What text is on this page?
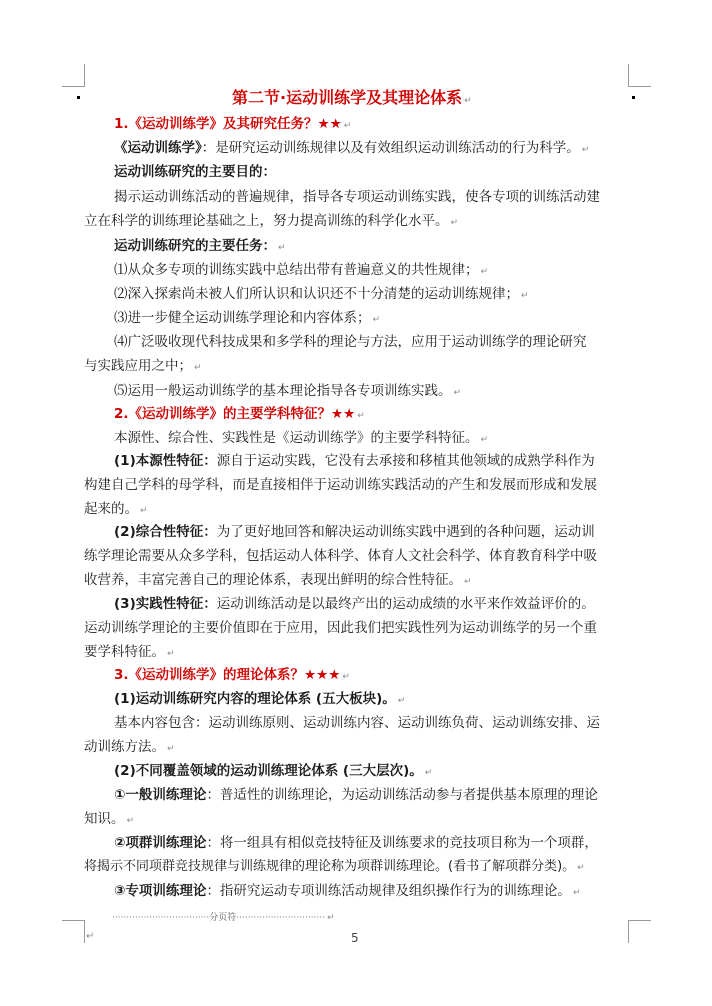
第二节·运动训练学及其理论体系 ↵
1.《运动训练学》及其研究任务？★★ ↵
《运动训练学》：是研究运动训练规律以及有效组织运动训练活动的行为科学。 ↵
运动训练研究的主要目的：
揭示运动训练活动的普遍规律，指导各专项运动训练实践，使各专项的训练活动建
立在科学的训练理论基础之上，努力提高训练的科学化水平。 ↵
运动训练研究的主要任务： ↵
⑴从众多专项的训练实践中总结出带有普遍意义的共性规律； ↵
⑵深入探索尚未被人们所认识和认识还不十分清楚的运动训练规律； ↵
⑶进一步健全运动训练学理论和内容体系； ↵
⑷广泛吸收现代科技成果和多学科的理论与方法，应用于运动训练学的理论研究
与实践应用之中； ↵
⑸运用一般运动训练学的基本理论指导各专项训练实践。 ↵
2.《运动训练学》的主要学科特征？★★ ↵
本源性、综合性、实践性是《运动训练学》的主要学科特征。 ↵
(1)本源性特征：源自于运动实践，它没有去承接和移植其他领域的成熟学科作为
构建自己学科的母学科，而是直接相伴于运动训练实践活动的产生和发展而形成和发展
起来的。 ↵
(2)综合性特征：为了更好地回答和解决运动训练实践中遇到的各种问题，运动训
练学理论需要从众多学科，包括运动人体科学、体育人文社会科学、体育教育科学中吸
收营养，丰富完善自己的理论体系，表现出鲜明的综合性特征。 ↵
(3)实践性特征：运动训练活动是以最终产出的运动成绩的水平来作效益评价的。
运动训练学理论的主要价值即在于应用，因此我们把实践性列为运动训练学的另一个重
要学科特征。 ↵
3.《运动训练学》的理论体系？★★★ ↵
(1)运动训练研究内容的理论体系 (五大板块)。 ↵
基本内容包含：运动训练原则、运动训练内容、运动训练负荷、运动训练安排、运
动训练方法。 ↵
(2)不同覆盖领域的运动训练理论体系 (三大层次)。 ↵
①一般训练理论：普适性的训练理论，为运动训练活动参与者提供基本原理的理论
知识。 ↵
②项群训练理论：将一组具有相似竞技特征及训练要求的竞技项目称为一个项群，
将揭示不同项群竞技规律与训练规律的理论称为项群训练理论。(看书了解项群分类)。 ↵
③专项训练理论：指研究运动专项训练活动规律及组织操作行为的训练理论。 ↵
··································分页符······························· ↵
↵	5
